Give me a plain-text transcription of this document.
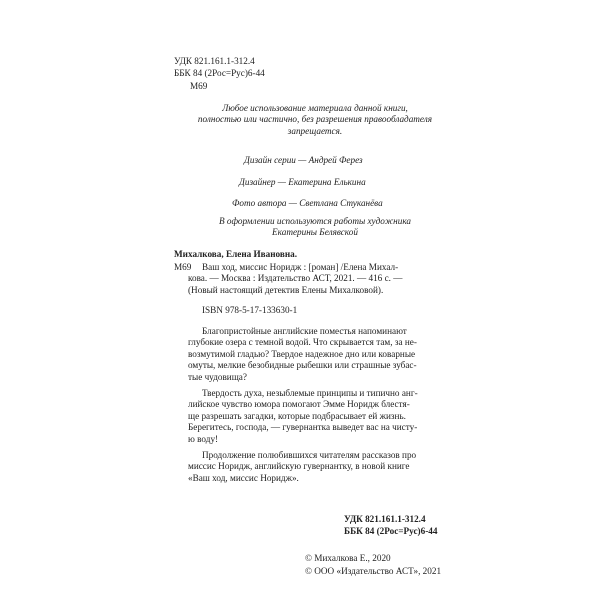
УДК 821.161.1-312.4
ББК 84 (2Рос=Рус)6-44
М69
Любое использование материала данной книги,
полностью или частично, без разрешения правообладателя
запрещается.
Дизайн серии — Андрей Ферез
Дизайнер — Екатерина Елькина
Фото автора — Светлана Стуканёва
В оформлении используются работы художника
Екатерины Белявской
Михалкова, Елена Ивановна.
М69	Ваш ход, миссис Норидж : [роман] /Елена Михал-
кова. — Москва : Издательство АСТ, 2021. — 416 с. —
(Новый настоящий детектив Елены Михалковой).
ISBN 978-5-17-133630-1
Благопристойные английские поместья напоминают
глубокие озера с темной водой. Что скрывается там, за не-
возмутимой гладью? Твердое надежное дно или коварные
омуты, мелкие безобидные рыбешки или страшные зубас-
тые чудовища?
Твердость духа, незыблемые принципы и типично анг-
лийское чувство юмора помогают Эмме Норидж блестя-
ще разрешать загадки, которые подбрасывает ей жизнь.
Берегитесь, господа, — гувернантка выведет вас на чисту-
ю воду!
Продолжение полюбившихся читателям рассказов про
миссис Норидж, английскую гувернантку, в новой книге
«Ваш ход, миссис Норидж».
УДК 821.161.1-312.4
ББК 84 (2Рос=Рус)6-44
© Михалкова Е., 2020
© ООО «Издательство АСТ», 2021
